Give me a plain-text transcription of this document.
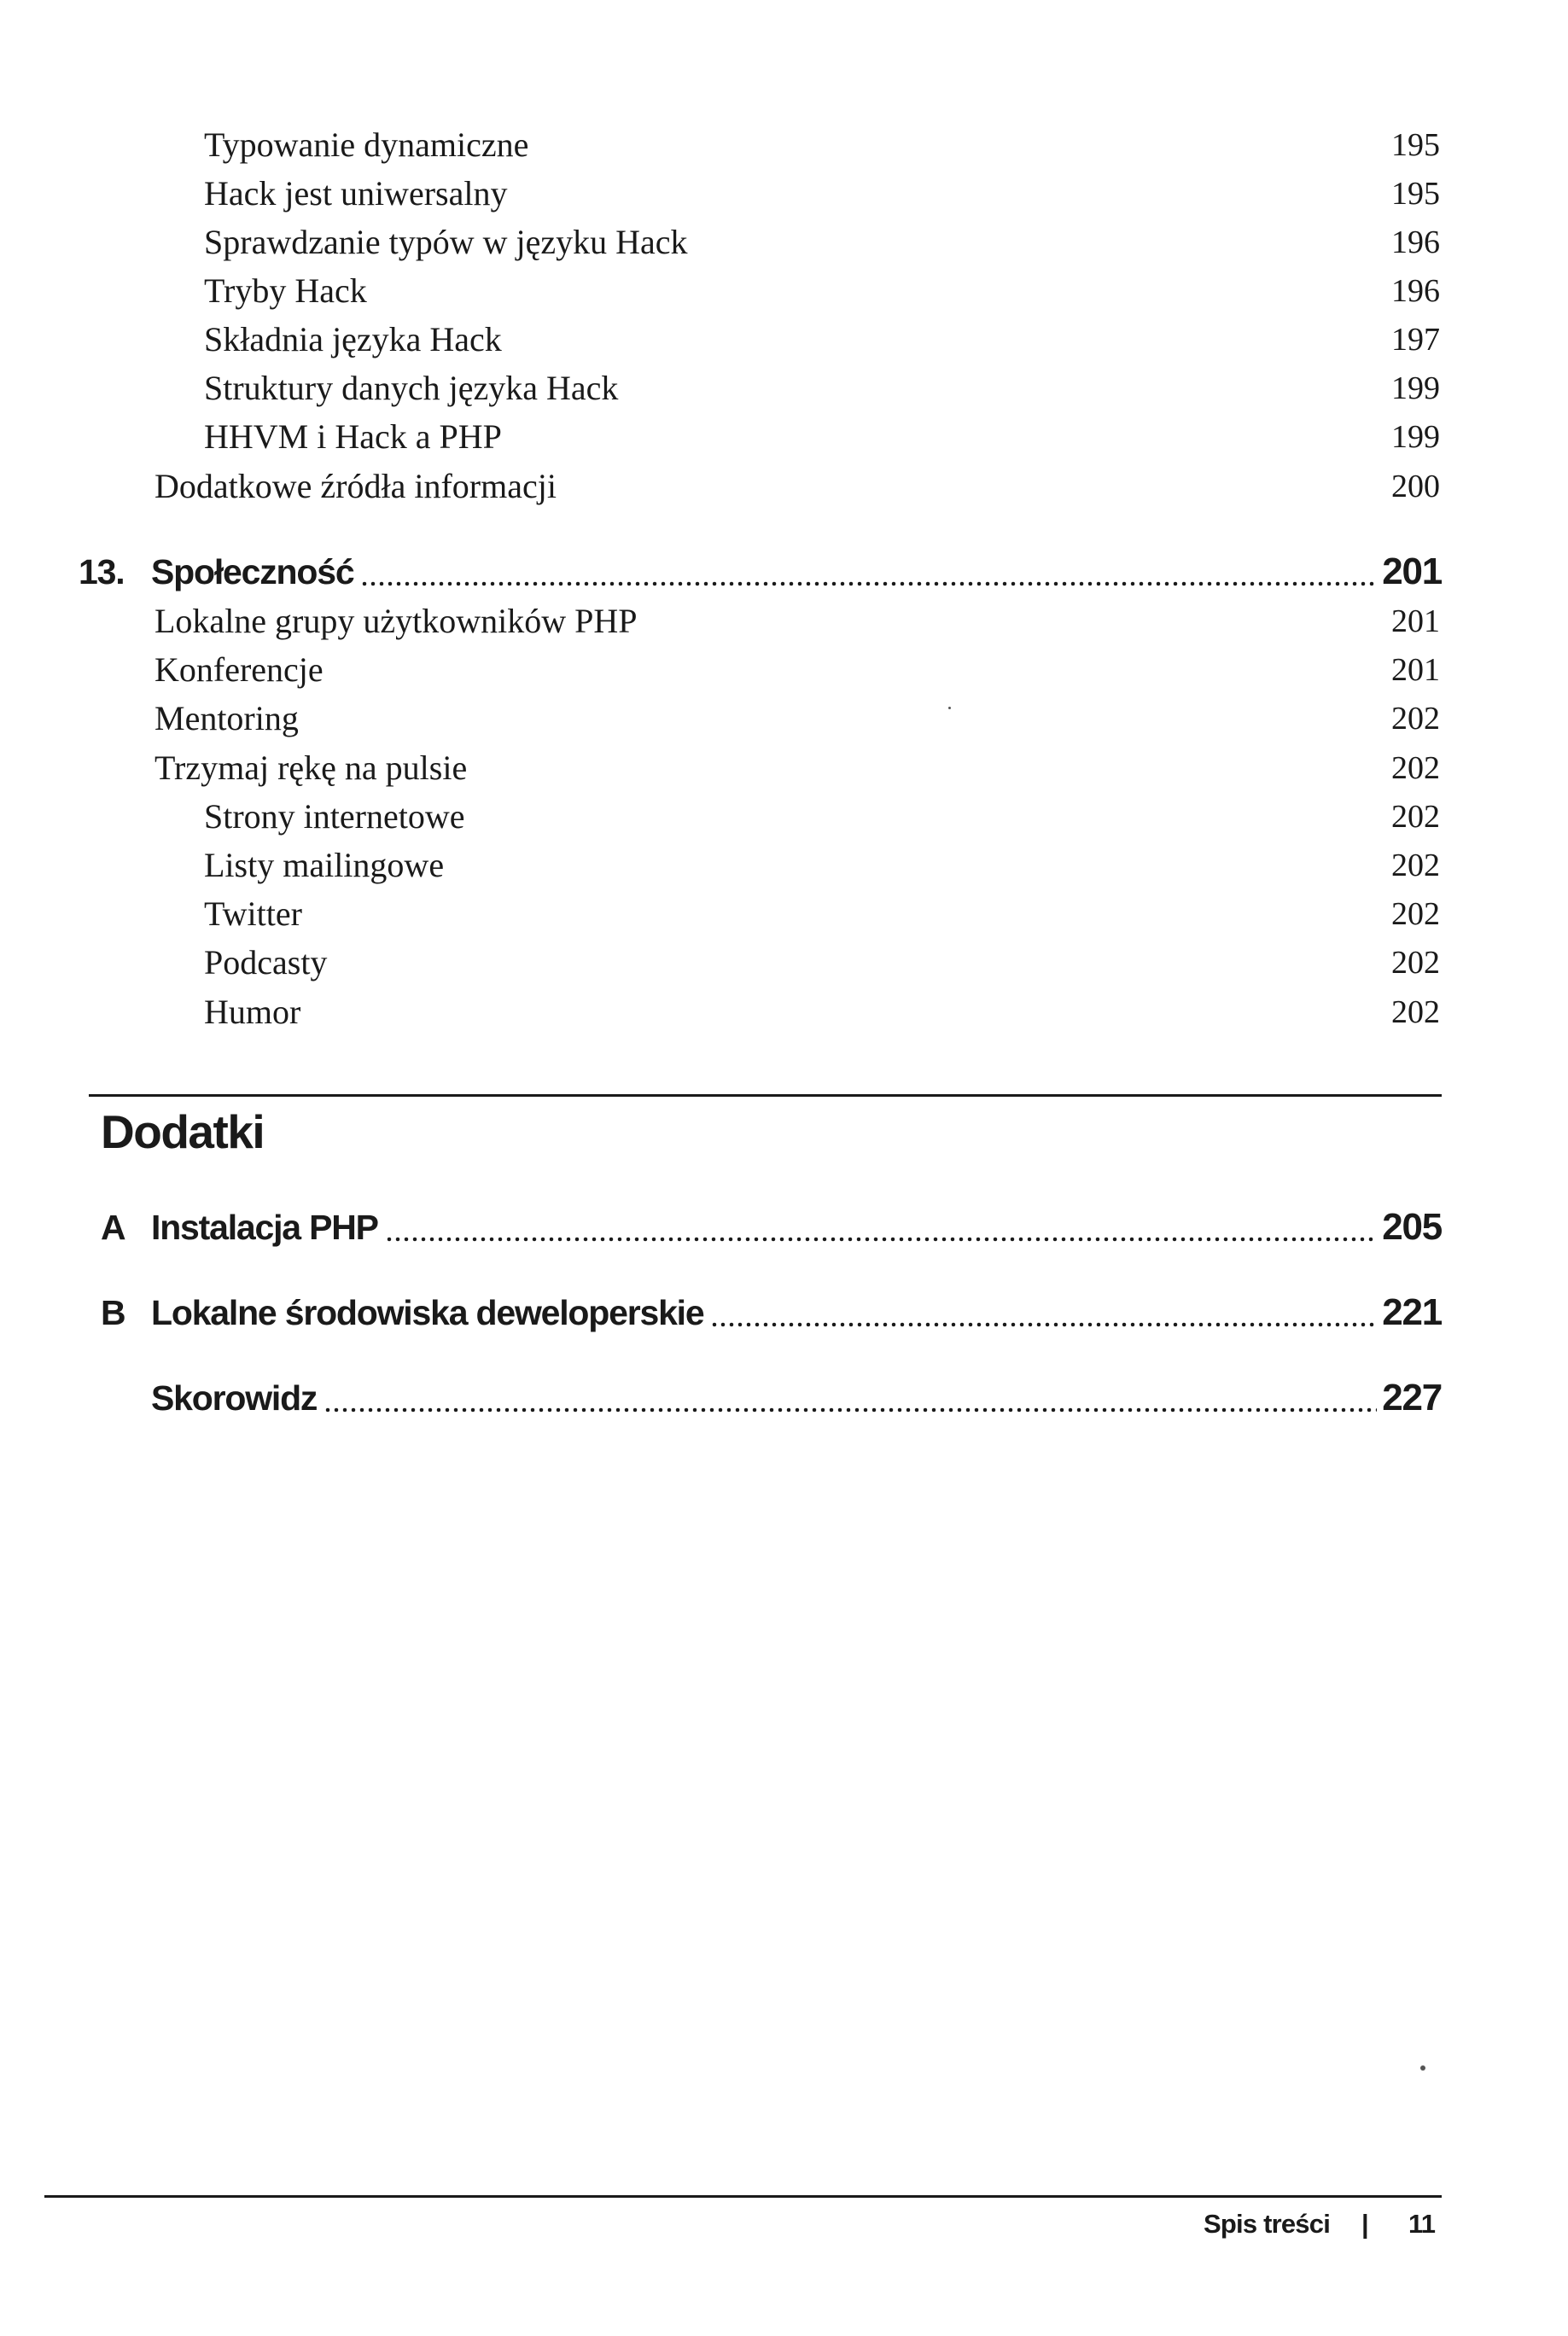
Typowanie dynamiczne	195
Hack jest uniwersalny	195
Sprawdzanie typów w języku Hack	196
Tryby Hack	196
Składnia języka Hack	197
Struktury danych języka Hack	199
HHVM i Hack a PHP	199
Dodatkowe źródła informacji	200
13. Społeczność	201
Lokalne grupy użytkowników PHP	201
Konferencje	201
Mentoring	202
Trzymaj rękę na pulsie	202
Strony internetowe	202
Listy mailingowe	202
Twitter	202
Podcasty	202
Humor	202
Dodatki
A Instalacja PHP	205
B Lokalne środowiska deweloperskie	221
Skorowidz	227
Spis treści | 11
